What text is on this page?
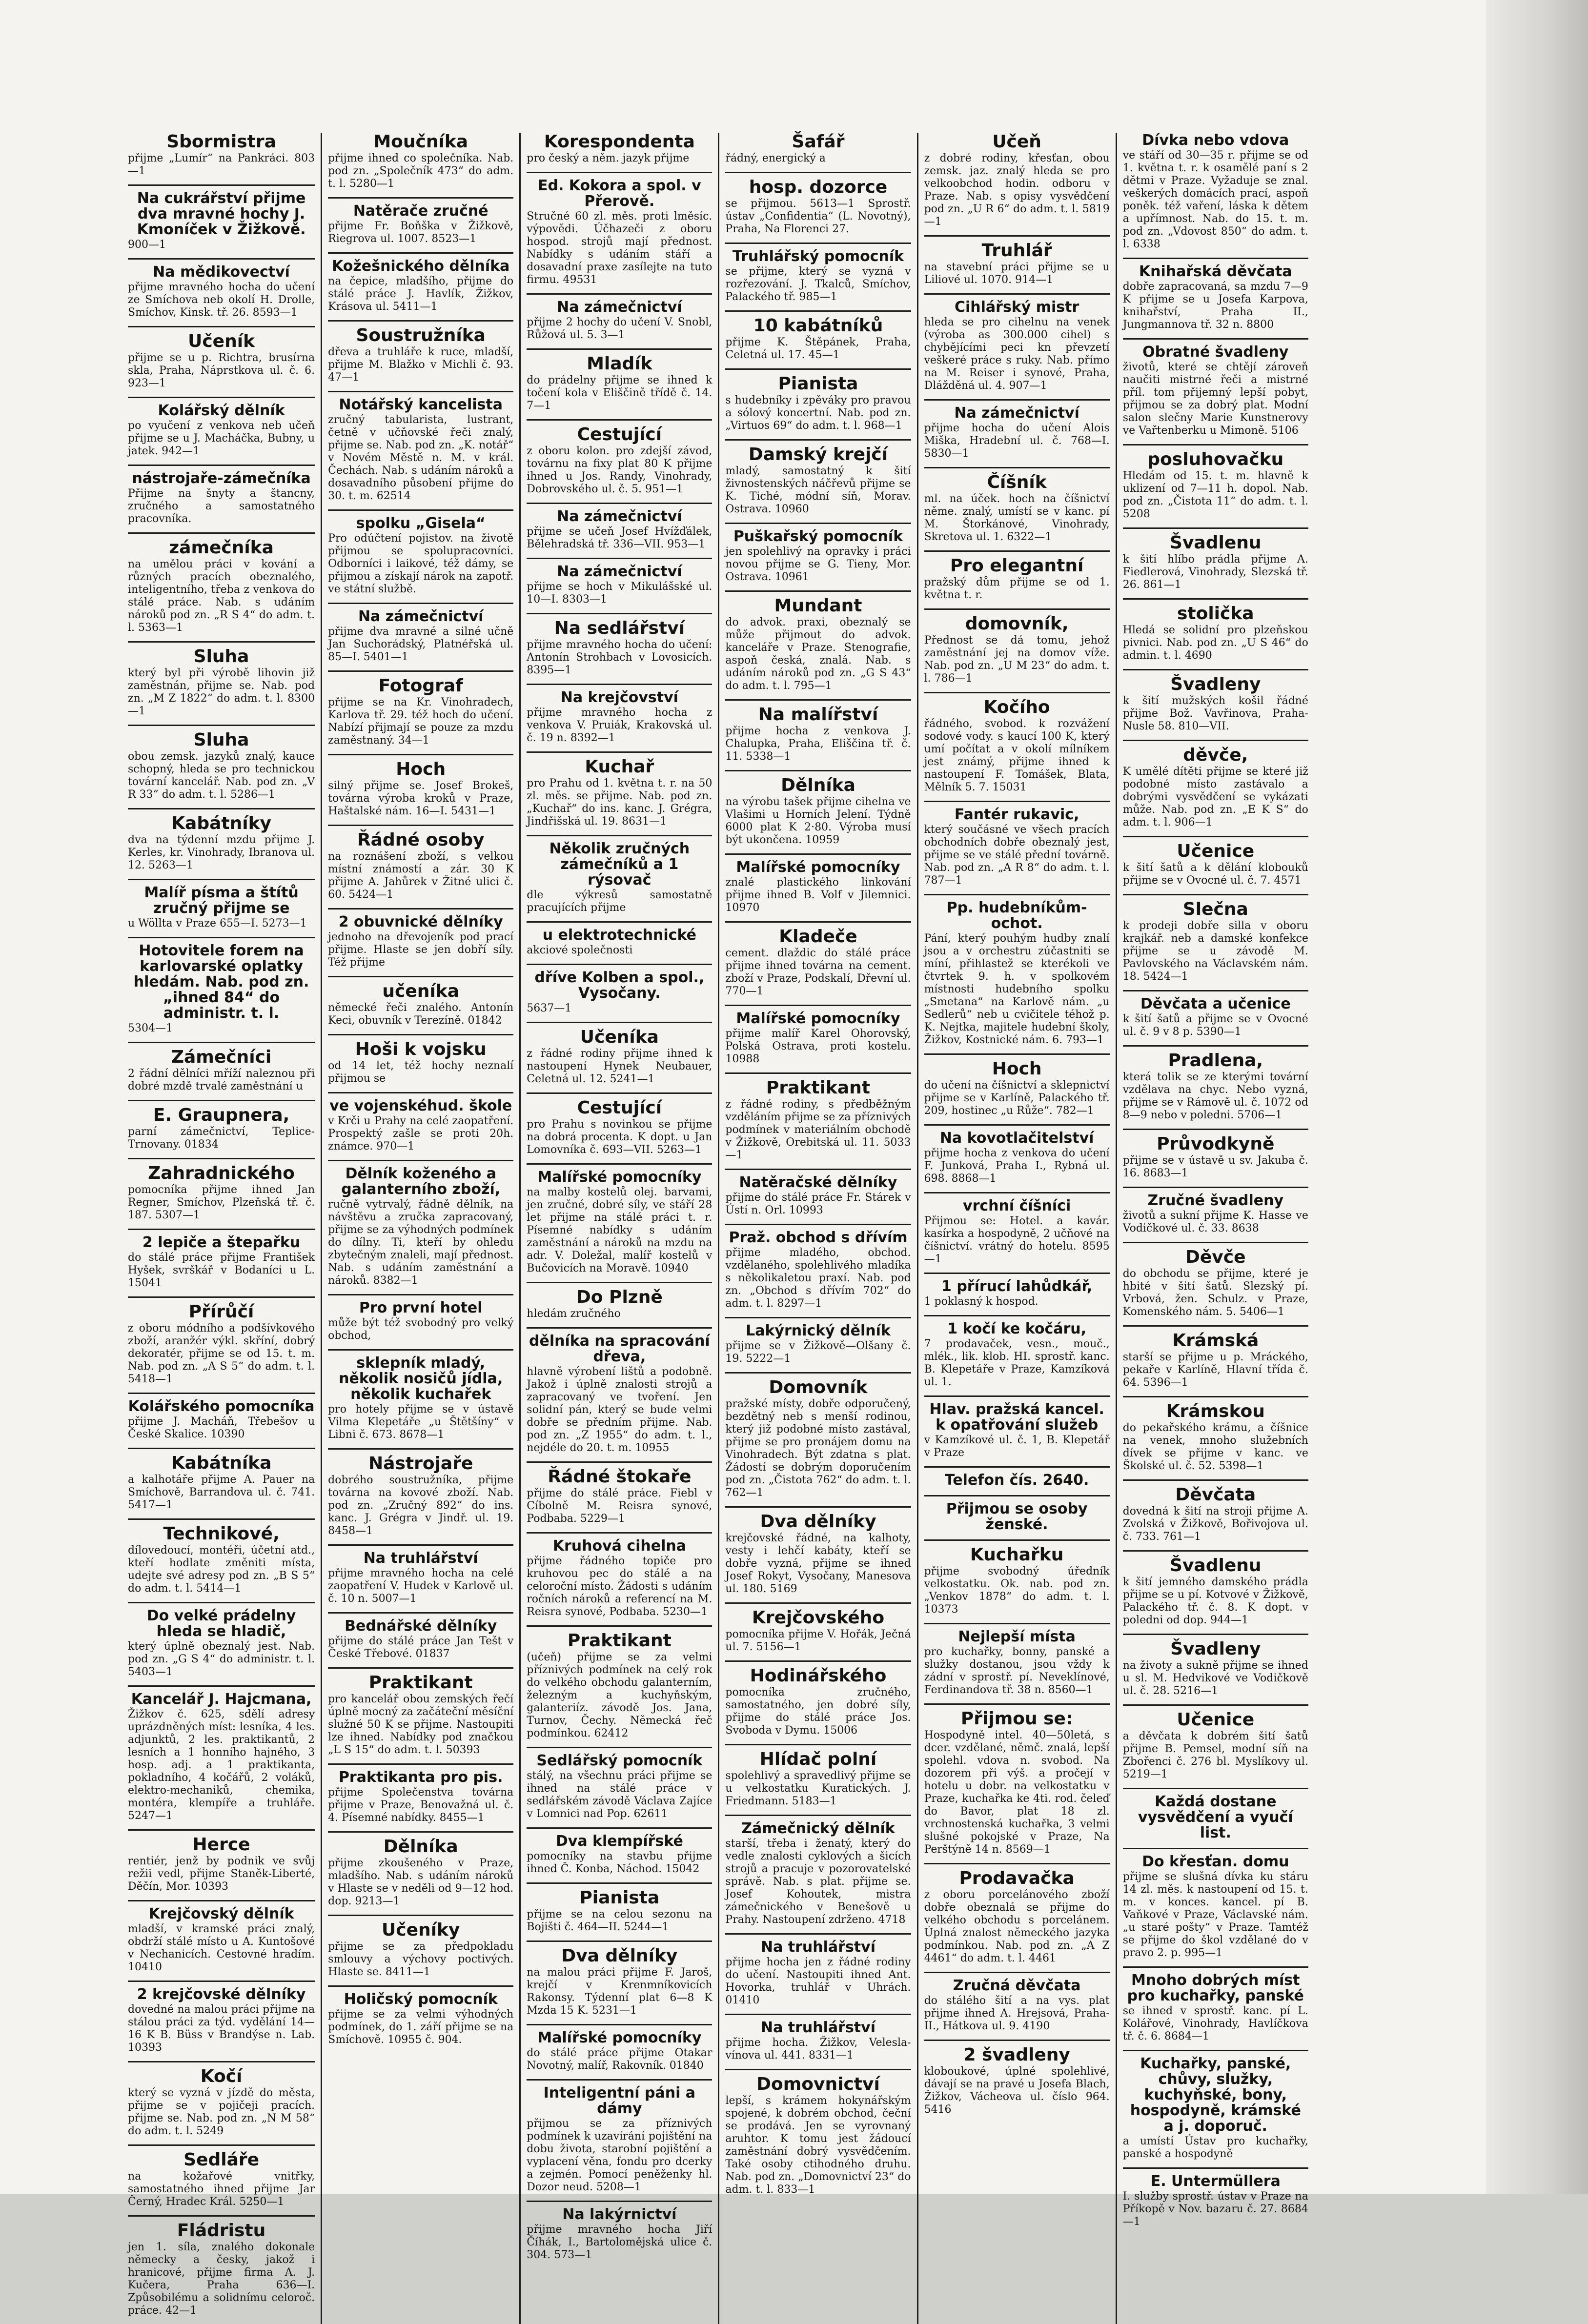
Sbormistra
přijme „Lumír“ na Pankráci. 803—1
Na cukrářství přijme dva mravné hochy J. Kmoníček v Žižkově.
900—1
Na mědikovectví
přijme mravného hocha do učení ze Smíchova neb okolí H. Drolle, Smíchov, Kinsk. tř. 26. 8593—1
Učeník
přijme se u p. Richtra, brusírna skla, Praha, Náprstkova ul. č. 6. 923—1
Kolářský dělník
po vyučení z venkova neb učeň přijme se u J. Macháčka, Bubny, u jatek. 942—1
nástrojaře-zámečníka
Přijme na šnyty a štancny, zručného a samostatného pracovníka.
zámečníka
na umělou práci v kování a různých pracích obeznalého, inteligentního, třeba z venkova do stálé práce. Nab. s udáním nároků pod zn. „R S 4“ do adm. t. l. 5363—1
Sluha
který byl při výrobě lihovin již zaměstnán, přijme se. Nab. pod zn. „M Z 1822“ do adm. t. l. 8300—1
Sluha
obou zemsk. jazyků znalý, kauce schopný, hleda se pro technickou tovární kancelář. Nab. pod zn. „V R 33“ do adm. t. l. 5286—1
Kabátníky
dva na týdenní mzdu přijme J. Kerles, kr. Vinohrady, Ibranova ul. 12. 5263—1
Malíř písma a štítů zručný přijme se
u Wöllta v Praze 655—I. 5273—1
Hotovitele forem na karlovarské oplatky hledám. Nab. pod zn. „ihned 84“ do administr. t. l.
5304—1
Zámečníci
2 řádní dělníci mříží naleznou při dobré mzdě trvalé zaměstnání u
E. Graupnera,
parní zámečnictví, Teplice-Trnovany. 01834
Zahradnického
pomocníka přijme ihned Jan Regner, Smíchov, Plzeňská tř. č. 187. 5307—1
2 lepiče a štepařku
do stálé práce přijme František Hyšek, svrškář v Bodaníci u L. 15041
Přírůčí
z oboru módního a podšívkového zboží, aranžér výkl. skříní, dobrý dekoratér, přijme se od 15. t. m. Nab. pod zn. „A S 5“ do adm. t. l. 5418—1
Kolářského pomocníka
přijme J. Macháň, Třebešov u České Skalice. 10390
Kabátníka
a kalhotáře přijme A. Pauer na Smíchově, Barrandova ul. č. 741. 5417—1
Technikové,
dílovedoucí, montéři, účetní atd., kteří hodlate změniti místa, udejte své adresy pod zn. „B S 5“ do adm. t. l. 5414—1
Do velké prádelny hleda se hladič,
který úplně obeznalý jest. Nab. pod zn. „G S 4“ do administr. t. l. 5403—1
Kancelář J. Hajcmana,
Žižkov č. 625, sdělí adresy uprázdněných míst: lesníka, 4 les. adjunktů, 2 les. praktikantů, 2 lesních a 1 honního hajného, 3 hosp. adj. a 1 praktikanta, pokladního, 4 kočářů, 2 voláků, elektro-mechaniků, chemika, montéra, klempíře a truhláře. 5247—1
Herce
rentiér, jenž by podnik ve svůj režii vedl, přijme Staněk-Liberté, Děčín, Mor. 10393
Krejčovský dělník
mladší, v kramské práci znalý, obdrží stálé místo u A. Kuntošové v Nechanicích. Cestovné hradím. 10410
2 krejčovské dělníky
dovedné na malou práci přijme na stálou práci za týd. vydělání 14—16 K B. Büss v Brandýse n. Lab. 10393
Kočí
který se vyzná v jízdě do města, přijme se v pojičeji pracích. přijme se. Nab. pod zn. „N M 58“ do adm. t. l. 5249
Sedláře
na kožařové vnitřky, samostatného ihned přijme Jar Černý, Hradec Král. 5250—1
Fládristu
jen 1. síla, znalého dokonale německy a česky, jakož i hranicové, přijme firma A. J. Kučera, Praha 636—I. Způsobilému a solidnímu celoroč. práce. 42—1
Moučníka
přijme ihned co společníka. Nab. pod zn. „Společník 473“ do adm. t. l. 5280—1
Natěrače zručné
přijme Fr. Boňška v Žižkově, Riegrova ul. 1007. 8523—1
Kožešnického dělníka
na čepice, mladšího, přijme do stálé práce J. Havlík, Žižkov, Krásova ul. 5411—1
Soustružníka
dřeva a truhláře k ruce, mladší, přijme M. Blažko v Michli č. 93. 47—1
Notářský kancelista
zručný tabularista, lustrant, četně v učňovské řeči znalý, přijme se. Nab. pod zn. „K. notář“ v Novém Městě n. M. v král. Čechách. Nab. s udáním nároků a dosavadního působení přijme do 30. t. m. 62514
spolku „Gisela“
Pro odúčtení pojistov. na životě přijmou se spolupracovníci. Odborníci i laikové, též dámy, se přijmou a získají nárok na zapotř. ve státní službě.
Na zámečnictví
přijme dva mravné a silné učně Jan Suchorádský, Platnéřská ul. 85—I. 5401—1
Fotograf
přijme se na Kr. Vinohradech, Karlova tř. 29. též hoch do učení. Nabízí přijmají se pouze za mzdu zaměstnaný. 34—1
Hoch
silný přijme se. Josef Brokeš, továrna výroba kroků v Praze, Haštalské nám. 16—I. 5431—1
Řádné osoby
na roznášení zboží, s velkou místní známostí a zár. 30 K přijme A. Jahůrek v Žitné ulici č. 60. 5424—1
2 obuvnické dělníky
jednoho na dřevojeník pod prací přijme. Hlaste se jen dobří síly. Též přijme
učeníka
německé řeči znalého. Antonín Keci, obuvník v Terezíně. 01842
Hoši k vojsku
od 14 let, též hochy neznalí přijmou se
ve vojenskéhud. škole
v Krči u Prahy na celé zaopatření. Prospektý zašle se proti 20h. známce. 970—1
Dělník koženého a galanterního zboží,
ručně vytrvalý, řádně dělník, na návštěvu a zručka zapracovaný, přijme se za výhodných podmínek do dílny. Ti, kteří by ohledu zbytečným znaleli, mají přednost. Nab. s udáním zaměstnání a nároků. 8382—1
Pro první hotel
může být též svobodný pro velký obchod,
sklepník mladý, několik nosičů jídla, několik kuchařek
pro hotely přijme se v ústavě Vilma Klepetáře „u Štětšíny“ v Libni č. 673. 8678—1
Nástrojaře
dobrého soustružníka, přijme továrna na kovové zboží. Nab. pod zn. „Zručný 892“ do ins. kanc. J. Grégra v Jindř. ul. 19. 8458—1
Na truhlářství
přijme mravného hocha na celé zaopatření V. Hudek v Karlově ul. č. 10 n. 5007—1
Bednářské dělníky
přijme do stálé práce Jan Tešt v České Třebové. 01837
Praktikant
pro kancelář obou zemských řečí úplně mocný za začáteční měsíční služné 50 K se přijme. Nastoupiti lze ihned. Nabídky pod značkou „L S 15“ do adm. t. l. 50393
Praktikanta pro pis.
přijme Společenstva továrna přijme v Praze, Benovažná ul. č. 4. Písemné nabídky. 8455—1
Dělníka
přijme zkoušeného v Praze, mladšího. Nab. s udáním nároků v Hlaste se v neděli od 9—12 hod. dop. 9213—1
Učeníky
přijme se za předpokladu smlouvy a výchovy poctivých. Hlaste se. 8411—1
Holičský pomocník
přijme se za velmi výhodných podmínek, do 1. září přijme se na Smíchově. 10955 č. 904.
Korespondenta
pro český a něm. jazyk přijme
Ed. Kokora a spol. v Přerově.
Stručné 60 zl. měs. proti lměsíc. výpovědi. Účhazeči z oboru hospod. strojů mají přednost. Nabídky s udáním stáří a dosavadní praxe zasílejte na tuto firmu. 49531
Na zámečnictví
přijme 2 hochy do učení V. Snobl, Růžová ul. 5. 3—1
Mladík
do prádelny přijme se ihned k točení kola v Eliščině třídě č. 14. 7—1
Cestující
z oboru kolon. pro zdejší závod, továrnu na fixy plat 80 K přijme ihned u Jos. Randy, Vinohrady, Dobrovského ul. č. 5. 951—1
Na zámečnictví
přijme se učeň Josef Hvížďálek, Bělehradská tř. 336—VII. 953—1
Na zámečnictví
přijme se hoch v Mikulášské ul. 10—I. 8303—1
Na sedlářství
přijme mravného hocha do učení: Antonín Strohbach v Lovosicích. 8395—1
Na krejčovství
přijme mravného hocha z venkova V. Pruiák, Krakovská ul. č. 19 n. 8392—1
Kuchař
pro Prahu od 1. května t. r. na 50 zl. měs. se přijme. Nab. pod zn. „Kuchař“ do ins. kanc. J. Grégra, Jindřišská ul. 19. 8631—1
Několik zručných zámečníků a 1 rýsovač
dle výkresů samostatně pracujících přijme
u elektrotechnické
akciové společnosti
dříve Kolben a spol., Vysočany.
5637—1
Učeníka
z řádné rodiny přijme ihned k nastoupení Hynek Neubauer, Celetná ul. 12. 5241—1
Cestující
pro Prahu s novinkou se přijme na dobrá procenta. K dopt. u Jan Lomovníka č. 693—VII. 5263—1
Malířské pomocníky
na malby kostelů olej. barvami, jen zručné, dobré síly, ve stáří 28 let přijme na stálé práci t. r. Písemné nabídky s udáním zaměstnání a nároků na mzdu na adr. V. Doležal, malíř kostelů v Bučovicích na Moravě. 10940
Do Plzně
hledám zručného
dělníka na spracování dřeva,
hlavně výrobení lištů a podobně. Jakož i úplně znalosti strojů a zapracovaný ve tvoření. Jen solidní pán, který se bude velmi dobře se předním přijme. Nab. pod zn. „Z 1955“ do adm. t. l., nejdéle do 20. t. m. 10955
Řádné štokaře
přijme do stálé práce. Fiebl v Cíbolně M. Reisra synové, Podbaba. 5229—1
Kruhová cihelna
přijme řádného topiče pro kruhovou pec do stálé a na celoroční místo. Žádosti s udáním ročních nároků a referencí na M. Reisra synové, Podbaba. 5230—1
Praktikant
(učeň) přijme se za velmi příznivých podmínek na celý rok do velkého obchodu galanterním, železným a kuchyňským, galanteriíz. závodě Jos. Jana, Turnov, Čechy. Německá řeč podmínkou. 62412
Sedlářský pomocník
stálý, na všechnu práci přijme se ihned na stálé práce v sedlářském závodě Václava Zajíce v Lomnici nad Pop. 62611
Dva klempířské
pomocníky na stavbu přijme ihned Č. Konba, Náchod. 15042
Pianista
přijme se na celou sezonu na Bojišti č. 464—II. 5244—1
Dva dělníky
na malou práci přijme F. Jaroš, krejčí v Krenmníkovicích Rakonsy. Týdenní plat 6—8 K Mzda 15 K. 5231—1
Malířské pomocníky
do stálé práce přijme Otakar Novotný, malíř, Rakovník. 01840
Inteligentní páni a dámy
přijmou se za příznivých podmínek k uzavírání pojištění na dobu života, starobní pojištění a vyplacení věna, fondu pro dcerky a zejmén. Pomocí peněženky hl. Dozor neud. 5208—1
Na lakýrnictví
přijme mravného hocha Jiří Číhák, I., Bartolomějská ulice č. 304. 573—1
Šafář
řádný, energický a
hosp. dozorce
se přijmou. 5613—1 Sprostř. ústav „Confidentia“ (L. Novotný), Praha, Na Florenci 27.
Truhlářský pomocník
se přijme, který se vyzná v rozřezování. J. Tkalců, Smíchov, Palackého tř. 985—1
10 kabátníků
přijme K. Štěpánek, Praha, Celetná ul. 17. 45—1
Pianista
s hudebníky i zpěváky pro pravou a sólový koncertní. Nab. pod zn. „Virtuos 69“ do adm. t. l. 968—1
Damský krejčí
mladý, samostatný k šití živnostenských náčřevů přijme se K. Tiché, módní síň, Morav. Ostrava. 10960
Puškařský pomocník
jen spolehlivý na opravky i práci novou přijme se G. Tieny, Mor. Ostrava. 10961
Mundant
do advok. praxi, obeznalý se může přijmout do advok. kanceláře v Praze. Stenografie, aspoň česká, znalá. Nab. s udáním nároků pod zn. „G S 43“ do adm. t. l. 795—1
Na malířství
přijme hocha z venkova J. Chalupka, Praha, Eliščina tř. č. 11. 5338—1
Dělníka
na výrobu tašek přijme cihelna ve Vlašimi u Horních Jelení. Týdně 6000 plat K 2·80. Výroba musí být ukončena. 10959
Malířské pomocníky
znalé plastického linkování přijme ihned B. Volf v Jilemnici. 10970
Kladeče
cement. dlaždic do stálé práce přijme ihned továrna na cement. zboží v Praze, Podskalí, Dřevní ul. 770—1
Malířské pomocníky
přijme malíř Karel Ohorovský, Polská Ostrava, proti kostelu. 10988
Praktikant
z řádné rodiny, s předběžným vzděláním přijme se za příznivých podmínek v materiálním obchodě v Žižkově, Orebitská ul. 11. 5033—1
Natěračské dělníky
přijme do stálé práce Fr. Stárek v Ústí n. Orl. 10993
Praž. obchod s dřívím
přijme mladého, obchod. vzdělaného, spolehlivého mladíka s několikaletou praxí. Nab. pod zn. „Obchod s dřívím 702“ do adm. t. l. 8297—1
Lakýrnický dělník
přijme se v Žižkově—Olšany č. 19. 5222—1
Domovník
pražské místy, dobře odporučený, bezdětný neb s menší rodinou, který již podobné místo zastával, přijme se pro pronájem domu na Vinohradech. Být zdatna s plat. Žádostí se dobrým doporučením pod zn. „Čistota 762“ do adm. t. l. 762—1
Dva dělníky
krejčovské řádné, na kalhoty, vesty i lehčí kabáty, kteří se dobře vyzná, přijme se ihned Josef Rokyt, Vysočany, Manesova ul. 180. 5169
Krejčovského
pomocníka přijme V. Hořák, Ječná ul. 7. 5156—1
Hodinářského
pomocníka zručného, samostatného, jen dobré síly, přijme do stálé práce Jos. Svoboda v Dymu. 15006
Hlídač polní
spolehlivý a spravedlivý přijme se u velkostatku Kuratických. J. Friedmann. 5183—1
Zámečnický dělník
starší, třeba i ženatý, který do vedle znalosti cyklových a šicích strojů a pracuje v pozorovatelské správě. Nab. s plat. přijme se. Josef Kohoutek, mistra zámečnického v Benešově u Prahy. Nastoupení zdrženo. 4718
Na truhlářství
přijme hocha jen z řádné rodiny do učení. Nastoupiti ihned Ant. Hovorka, truhlář v Uhrách. 01410
Na truhlářství
přijme hocha. Žižkov, Velesla- vínova ul. 441. 8331—1
Domovnictví
lepší, s krámem hokynářským spojené, k dobrém obchod, čeční se prodává. Jen se vyrovnaný aruhtor. K tomu jest žádoucí zaměstnání dobrý vysvědčením. Také osoby ctihodného druhu. Nab. pod zn. „Domovnictví 23“ do adm. t. l. 833—1
Učeň
z dobré rodiny, křesťan, obou zemsk. jaz. znalý hleda se pro velkoobchod hodin. odboru v Praze. Nab. s opisy vysvědčení pod zn. „U R 6“ do adm. t. l. 5819—1
Truhlář
na stavební práci přijme se u Liliové ul. 1070. 914—1
Cihlářský mistr
hleda se pro cihelnu na venek (výroba as 300.000 cihel) s chybějícími peci kn převzetí veškeré práce s ruky. Nab. přímo na M. Reiser i synové, Praha, Dlážděná ul. 4. 907—1
Na zámečnictví
přijme hocha do učení Alois Miška, Hradební ul. č. 768—I. 5830—1
Číšník
ml. na úček. hoch na číšnictví něme. znalý, umístí se v kanc. pí M. Štorkánové, Vinohrady, Skretova ul. 1. 6322—1
Pro elegantní
pražský dům přijme se od 1. května t. r.
domovník,
Přednost se dá tomu, jehož zaměstnání jej na domov víže. Nab. pod zn. „U M 23“ do adm. t. l. 786—1
Kočího
řádného, svobod. k rozvážení sodové vody. s kaucí 100 K, který umí počítat a v okolí mílníkem jest známý, přijme ihned k nastoupení F. Tomášek, Blata, Mělník 5. 7. 15031
Fantér rukavic,
který součásné ve všech pracích obchodních dobře obeznalý jest, přijme se ve stálé přední továrně. Nab. pod zn. „A R 8“ do adm. t. l. 787—1
Pp. hudebníkům-ochot.
Pání, který pouhým hudby znalí jsou a v orchestru zúčastniti se míní, přihlastež se kterékoli ve čtvrtek 9. h. v spolkovém místnosti hudebního spolku „Smetana“ na Karlově nám. „u Sedlerů“ neb u cvičitele téhož p. K. Nejtka, majitele hudební školy, Žižkov, Kostnické nám. 6. 793—1
Hoch
do učení na číšnictví a sklepnictví přijme se v Karlíně, Palackého tř. 209, hostinec „u Růže“. 782—1
Na kovotlačitelství
přijme hocha z venkova do učení F. Junková, Praha I., Rybná ul. 698. 8868—1
vrchní číšníci
Přijmou se: Hotel. a kavár. kasírka a hospodyně, 2 učňové na číšnictví. vrátný do hotelu. 8595—1
1 přírucí lahůdkář,
1 poklasný k hospod.
1 kočí ke kočáru,
7 prodavaček, vesn., mouč., mlék., lik. klob. HI. sprostř. kanc. B. Klepetáře v Praze, Kamzíková ul. 1.
Hlav. pražská kancel. k opatřování služeb
v Kamzíkové ul. č. 1, B. Klepetář v Praze
Telefon čís. 2640.
Přijmou se osoby ženské.
Kuchařku
přijme svobodný úředník velkostatku. Ok. nab. pod zn. „Venkov 1878“ do adm. t. l. 10373
Nejlepší místa
pro kuchařky, bonny, panské a služky dostanou, jsou vždy k zádní v sprostř. pí. Neveklínové, Ferdinandova tř. 38 n. 8560—1
Přijmou se:
Hospodyně intel. 40—50letá, s dcer. vzdělané, němč. znalá, lepší spolehl. vdova n. svobod. Na dozorem při výš. a pročejí v hotelu u dobr. na velkostatku v Praze, kuchařka ke 4ti. rod. čeleď do Bavor, plat 18 zl. vrchnostenská kuchařka, 3 velmi slušné pokojské v Praze, Na Perštýně 14 n. 8569—1
Prodavačka
z oboru porcelánového zboží dobře obeznalá se přijme do velkého obchodu s porcelánem. Úplná znalost německého jazyka podmínkou. Nab. pod zn. „A Z 4461“ do adm. t. l. 4461
Zručná děvčata
do stálého šití a na vys. plat přijme ihned A. Hrejsová, Praha-II., Hátkova ul. 9. 4190
2 švadleny
kloboukové, úplné spolehlivé, dávají se na pravé u Josefa Blach, Žižkov, Vácheova ul. číslo 964. 5416
Dívka nebo vdova
ve stáří od 30—35 r. přijme se od 1. května t. r. k osamělé paní s 2 dětmi v Praze. Vyžaduje se znal. veškerých domácích prací, aspoň poněk. též vaření, láska k dětem a upřímnost. Nab. do 15. t. m. pod zn. „Vdovost 850“ do adm. t. l. 6338
Knihařská děvčata
dobře zapracovaná, sa mzdu 7—9 K přijme se u Josefa Karpova, knihařství, Praha II., Jungmannova tř. 32 n. 8800
Obratné švadleny
životů, které se chtějí zároveň naučiti mistrné řeči a mistrné příl. tom přijemný lepší pobyt, přijmou se za dobrý plat. Modní salon slečny Marie Kunstnerovy ve Vařtenberku u Mimoně. 5106
posluhovačku
Hledám od 15. t. m. hlavně k uklizení od 7—11 h. dopol. Nab. pod zn. „Čistota 11“ do adm. t. l. 5208
Švadlenu
k šití hlíbo prádla přijme A. Fiedlerová, Vinohrady, Slezská tř. 26. 861—1
stolička
Hledá se solidní pro plzeňskou pivnici. Nab. pod zn. „U S 46“ do admin. t. l. 4690
Švadleny
k šití mužských košil řádné přijme Bož. Vavřinova, Praha-Nusle 58. 810—VII.
děvče,
K umělé dítěti přijme se které již podobné místo zastávalo a dobrými vysvědčení se vykázati může. Nab. pod zn. „E K S“ do adm. t. l. 906—1
Učenice
k šití šatů a k dělání klobouků přijme se v Ovocné ul. č. 7. 4571
Slečna
k prodeji dobře silla v oboru krajkář. neb a damské konfekce přijme se u závodě M. Pavlovského na Václavském nám. 18. 5424—1
Děvčata a učenice
k šití šatů a přijme se v Ovocné ul. č. 9 v 8 p. 5390—1
Pradlena,
která tolik se ze kterými tovární vzdělava na chyc. Nebo vyzná, přijme se v Rámově ul. č. 1072 od 8—9 nebo v poledni. 5706—1
Průvodkyně
přijme se v ústavě u sv. Jakuba č. 16. 8683—1
Zručné švadleny
životů a sukní přijme K. Hasse ve Vodičkové ul. č. 33. 8638
Děvče
do obchodu se přijme, které je hbité v šití šatů. Slezský pí. Vrbová, žen. Schulz. v Praze, Komenského nám. 5. 5406—1
Krámská
starší se přijme u p. Mráckého, pekaře v Karlíně, Hlavní třída č. 64. 5396—1
Krámskou
do pekařského krámu, a číšnice na venek, mnoho služebních dívek se přijme v kanc. ve Školské ul. č. 52. 5398—1
Děvčata
dovedná k šití na stroji přijme A. Zvolská v Žižkově, Bořivojova ul. č. 733. 761—1
Švadlenu
k šití jemného damského prádla přijme se u pí. Kotvové v Žižkově, Palackého tř. č. 8. K dopt. v poledni od dop. 944—1
Švadleny
na životy a sukně přijme se ihned u sl. M. Hedvikové ve Vodičkově ul. č. 28. 5216—1
Učenice
a děvčata k dobrém šití šatů přijme B. Pemsel, modní síň na Zbořenci č. 276 bl. Myslíkovy ul. 5219—1
Každá dostane vysvědčení a vyučí list.
Do křesťan. domu
přijme se slušná dívka ku stáru 14 zl. měs. k nastoupení od 15. t. m. v konces. kancel. pí B. Vaňkové v Praze, Václavské nám. „u staré pošty“ v Praze. Tamtéž se přijme do škol vzdělané do v pravo 2. p. 995—1
Mnoho dobrých míst pro kuchařky, panské
se ihned v sprostř. kanc. pí L. Kolářové, Vinohrady, Havlíčkova tř. č. 6. 8684—1
Kuchařky, panské, chůvy, služky, kuchyňské, bony, hospodyně, krámské a j. doporuč.
a umístí Ústav pro kuchařky, panské a hospodyně
E. Untermüllera
I. služby sprostř. ústav v Praze na Příkopě v Nov. bazaru č. 27. 8684—1
